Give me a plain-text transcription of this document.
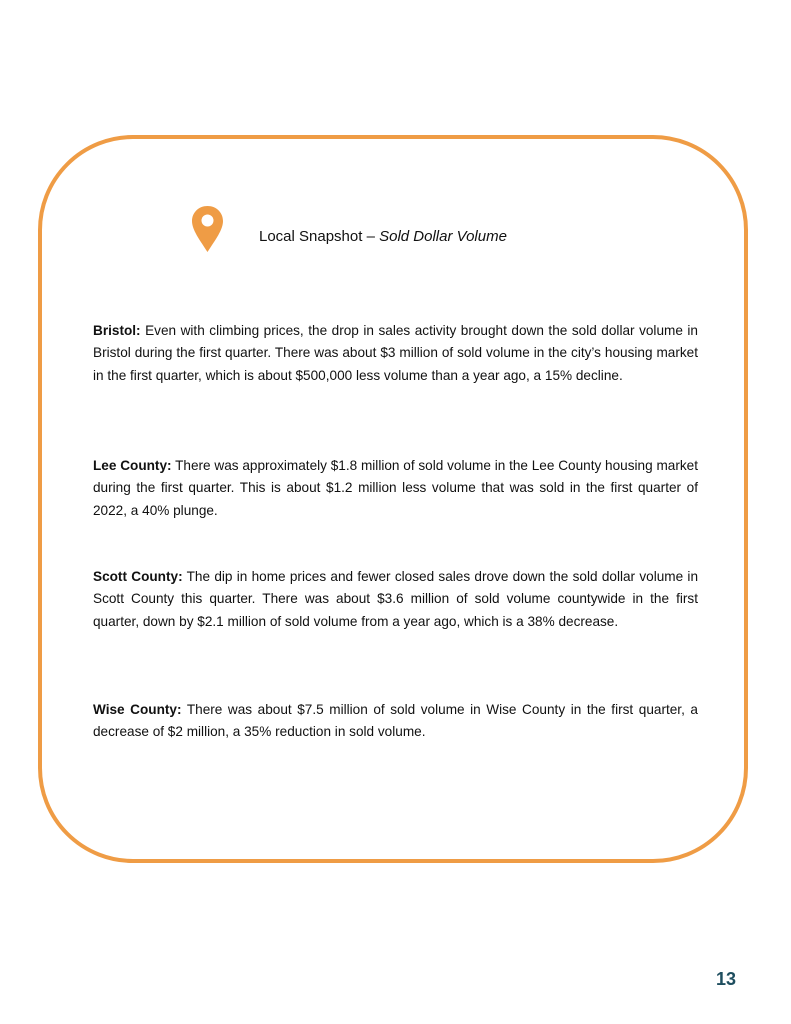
Local Snapshot – Sold Dollar Volume

Bristol: Even with climbing prices, the drop in sales activity brought down the sold dollar volume in Bristol during the first quarter. There was about $3 million of sold volume in the city’s housing market in the first quarter, which is about $500,000 less volume than a year ago, a 15% decline.

Lee County: There was approximately $1.8 million of sold volume in the Lee County housing market during the first quarter. This is about $1.2 million less volume that was sold in the first quarter of 2022, a 40% plunge.

Scott County: The dip in home prices and fewer closed sales drove down the sold dollar volume in Scott County this quarter. There was about $3.6 million of sold volume countywide in the first quarter, down by $2.1 million of sold volume from a year ago, which is a 38% decrease.

Wise County: There was about $7.5 million of sold volume in Wise County in the first quarter, a decrease of $2 million, a 35% reduction in sold volume.

13
